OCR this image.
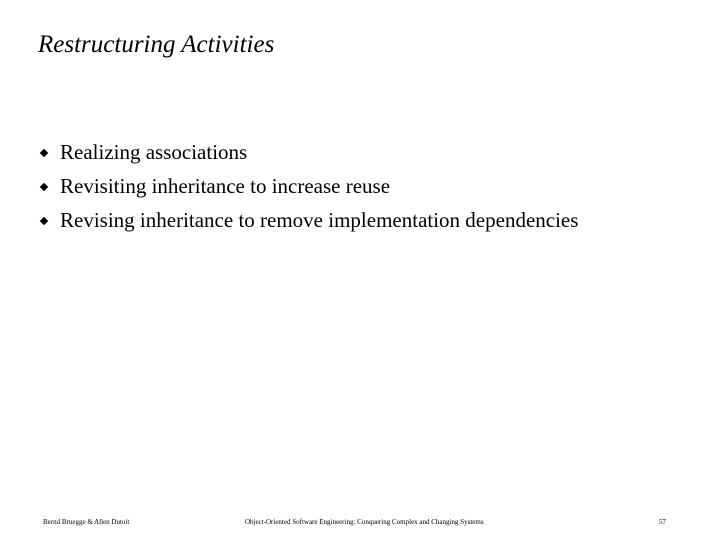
Restructuring Activities
Realizing associations
Revisiting inheritance to increase reuse
Revising inheritance to remove implementation dependencies
Bernd Bruegge & Allen Dutoit	Object-Oriented Software Engineering: Conquering Complex and Changing Systems	57
